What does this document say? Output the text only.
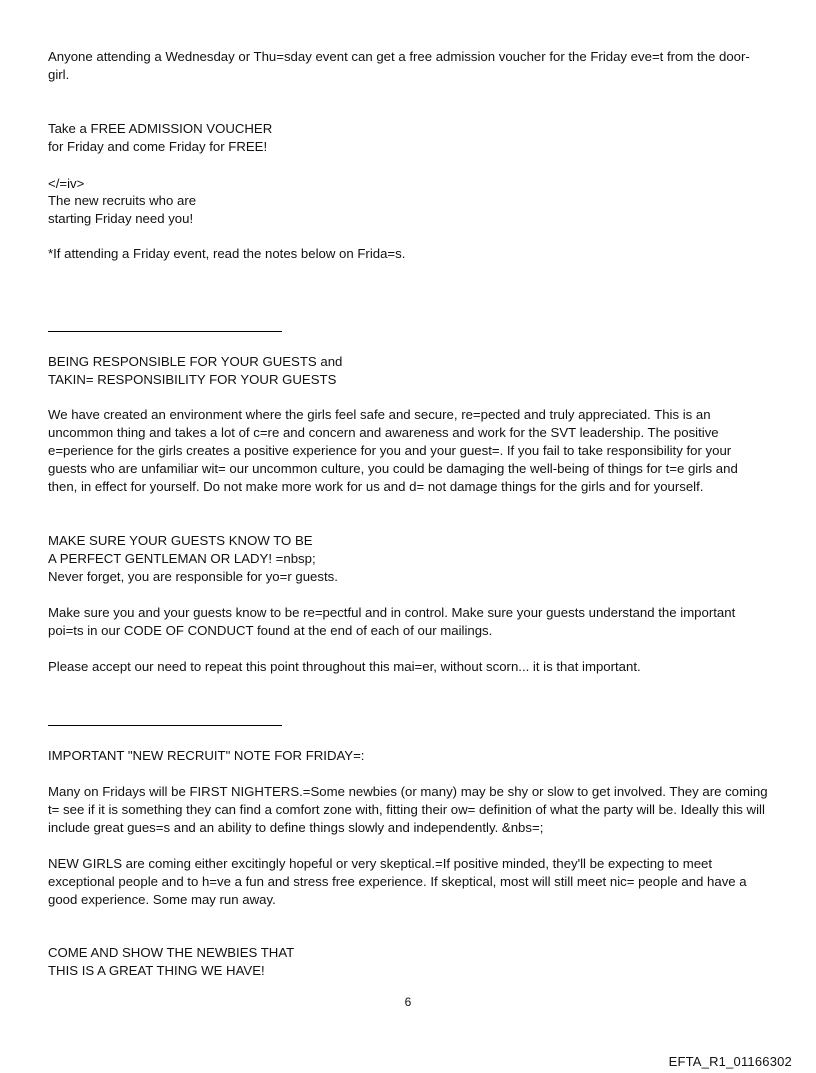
Anyone attending a Wednesday or Thu=sday event can get a free admission voucher for the Friday eve=t from the door-girl.

Take a FREE ADMISSION VOUCHER

for Friday and come Friday for FREE!

</=iv>

The new recruits who are

starting Friday need you!

*If attending a Friday event, read the notes below on Frida=s.

BEING RESPONSIBLE FOR YOUR GUESTS and

TAKIN= RESPONSIBILITY FOR YOUR GUESTS

We have created an environment where the girls feel safe and secure, re=pected and truly appreciated. This is an uncommon thing and takes a lot of c=re and concern and awareness and work for the SVT leadership. The positive e=perience for the girls creates a positive experience for you and your guest=. If you fail to take responsibility for your guests who are unfamiliar wit= our uncommon culture, you could be damaging the well-being of things for t=e girls and then, in effect for yourself. Do not make more work for us and d= not damage things for the girls and for yourself.

MAKE SURE YOUR GUESTS KNOW TO BE

A PERFECT GENTLEMAN OR LADY! =nbsp;

Never forget, you are responsible for yo=r guests.

Make sure you and your guests know to be re=pectful and in control. Make sure your guests understand the important poi=ts in our CODE OF CONDUCT found at the end of each of our mailings.

Please accept our need to repeat this point throughout this mai=er, without scorn... it is that important.

IMPORTANT "NEW RECRUIT" NOTE FOR FRIDAY=:

Many on Fridays will be FIRST NIGHTERS.=Some newbies (or many) may be shy or slow to get involved. They are coming t= see if it is something they can find a comfort zone with, fitting their ow= definition of what the party will be. Ideally this will include great gues=s and an ability to define things slowly and independently. &nbs=;

NEW GIRLS are coming either excitingly hopeful or very skeptical.=If positive minded, they'll be expecting to meet exceptional people and to h=ve a fun and stress free experience. If skeptical, most will still meet nic= people and have a good experience. Some may run away.

COME AND SHOW THE NEWBIES THAT

THIS IS A GREAT THING WE HAVE!

6
EFTA_R1_01166302
